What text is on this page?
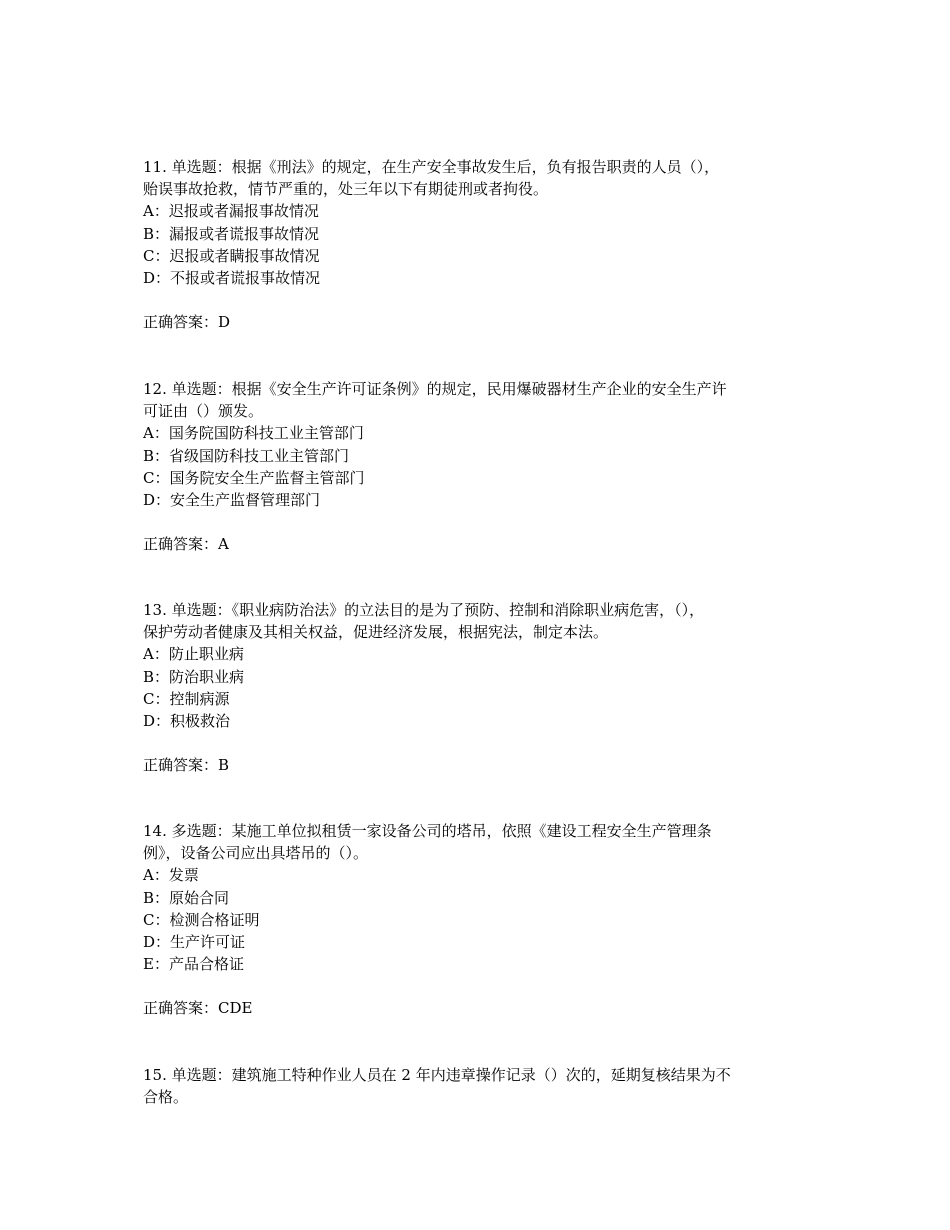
11. 单选题：根据《刑法》的规定，在生产安全事故发生后，负有报告职责的人员（），
贻误事故抢救，情节严重的，处三年以下有期徒刑或者拘役。
A：迟报或者漏报事故情况
B：漏报或者谎报事故情况
C：迟报或者瞒报事故情况
D：不报或者谎报事故情况
正确答案：D
12. 单选题：根据《安全生产许可证条例》的规定，民用爆破器材生产企业的安全生产许
可证由（）颁发。
A：国务院国防科技工业主管部门
B：省级国防科技工业主管部门
C：国务院安全生产监督主管部门
D：安全生产监督管理部门
正确答案：A
13. 单选题：《职业病防治法》的立法目的是为了预防、控制和消除职业病危害，（），
保护劳动者健康及其相关权益，促进经济发展，根据宪法，制定本法。
A：防止职业病
B：防治职业病
C：控制病源
D：积极救治
正确答案：B
14. 多选题：某施工单位拟租赁一家设备公司的塔吊，依照《建设工程安全生产管理条
例》，设备公司应出具塔吊的（）。
A：发票
B：原始合同
C：检测合格证明
D：生产许可证
E：产品合格证
正确答案：CDE
15. 单选题：建筑施工特种作业人员在 2 年内违章操作记录（）次的，延期复核结果为不
合格。
